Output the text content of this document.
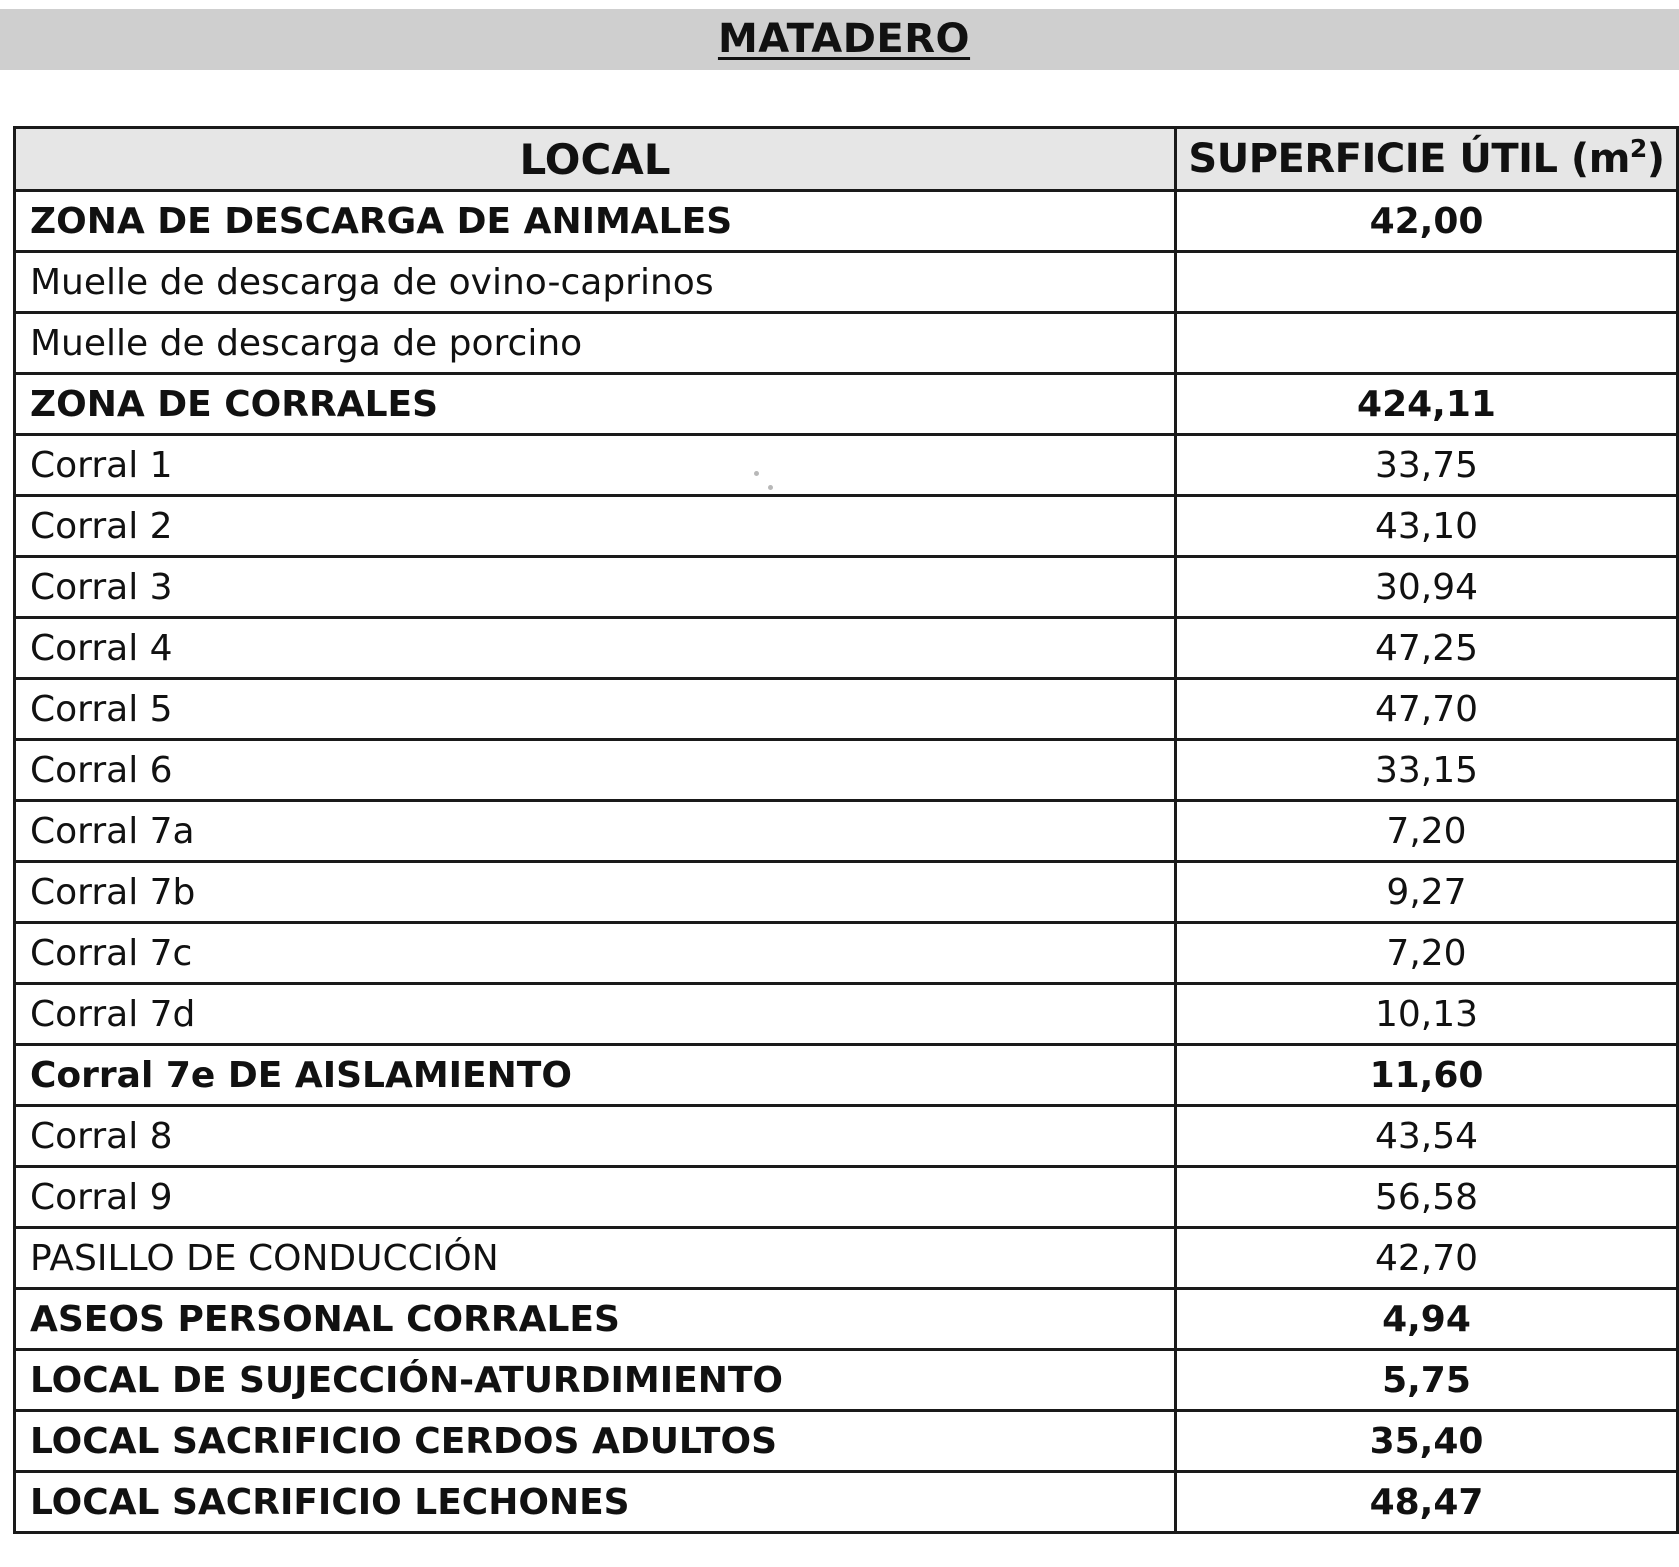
MATADERO
LOCAL	SUPERFICIE ÚTIL $(m^2)$
ZONA DE DESCARGA DE ANIMALES	42,00
Muelle de descarga de ovino-caprinos	
Muelle de descarga de porcino	
ZONA DE CORRALES	424,11
Corral 1	33,75
Corral 2	43,10
Corral 3	30,94
Corral 4	47,25
Corral 5	47,70
Corral 6	33,15
Corral 7a	7,20
Corral 7b	9,27
Corral 7c	7,20
Corral 7d	10,13
Corral 7e DE AISLAMIENTO	11,60
Corral 8	43,54
Corral 9	56,58
PASILLO DE CONDUCCIÓN	42,70
ASEOS PERSONAL CORRALES	4,94
LOCAL DE SUJECCIÓN-ATURDIMIENTO	5,75
LOCAL SACRIFICIO CERDOS ADULTOS	35,40
LOCAL SACRIFICIO LECHONES	48,47
